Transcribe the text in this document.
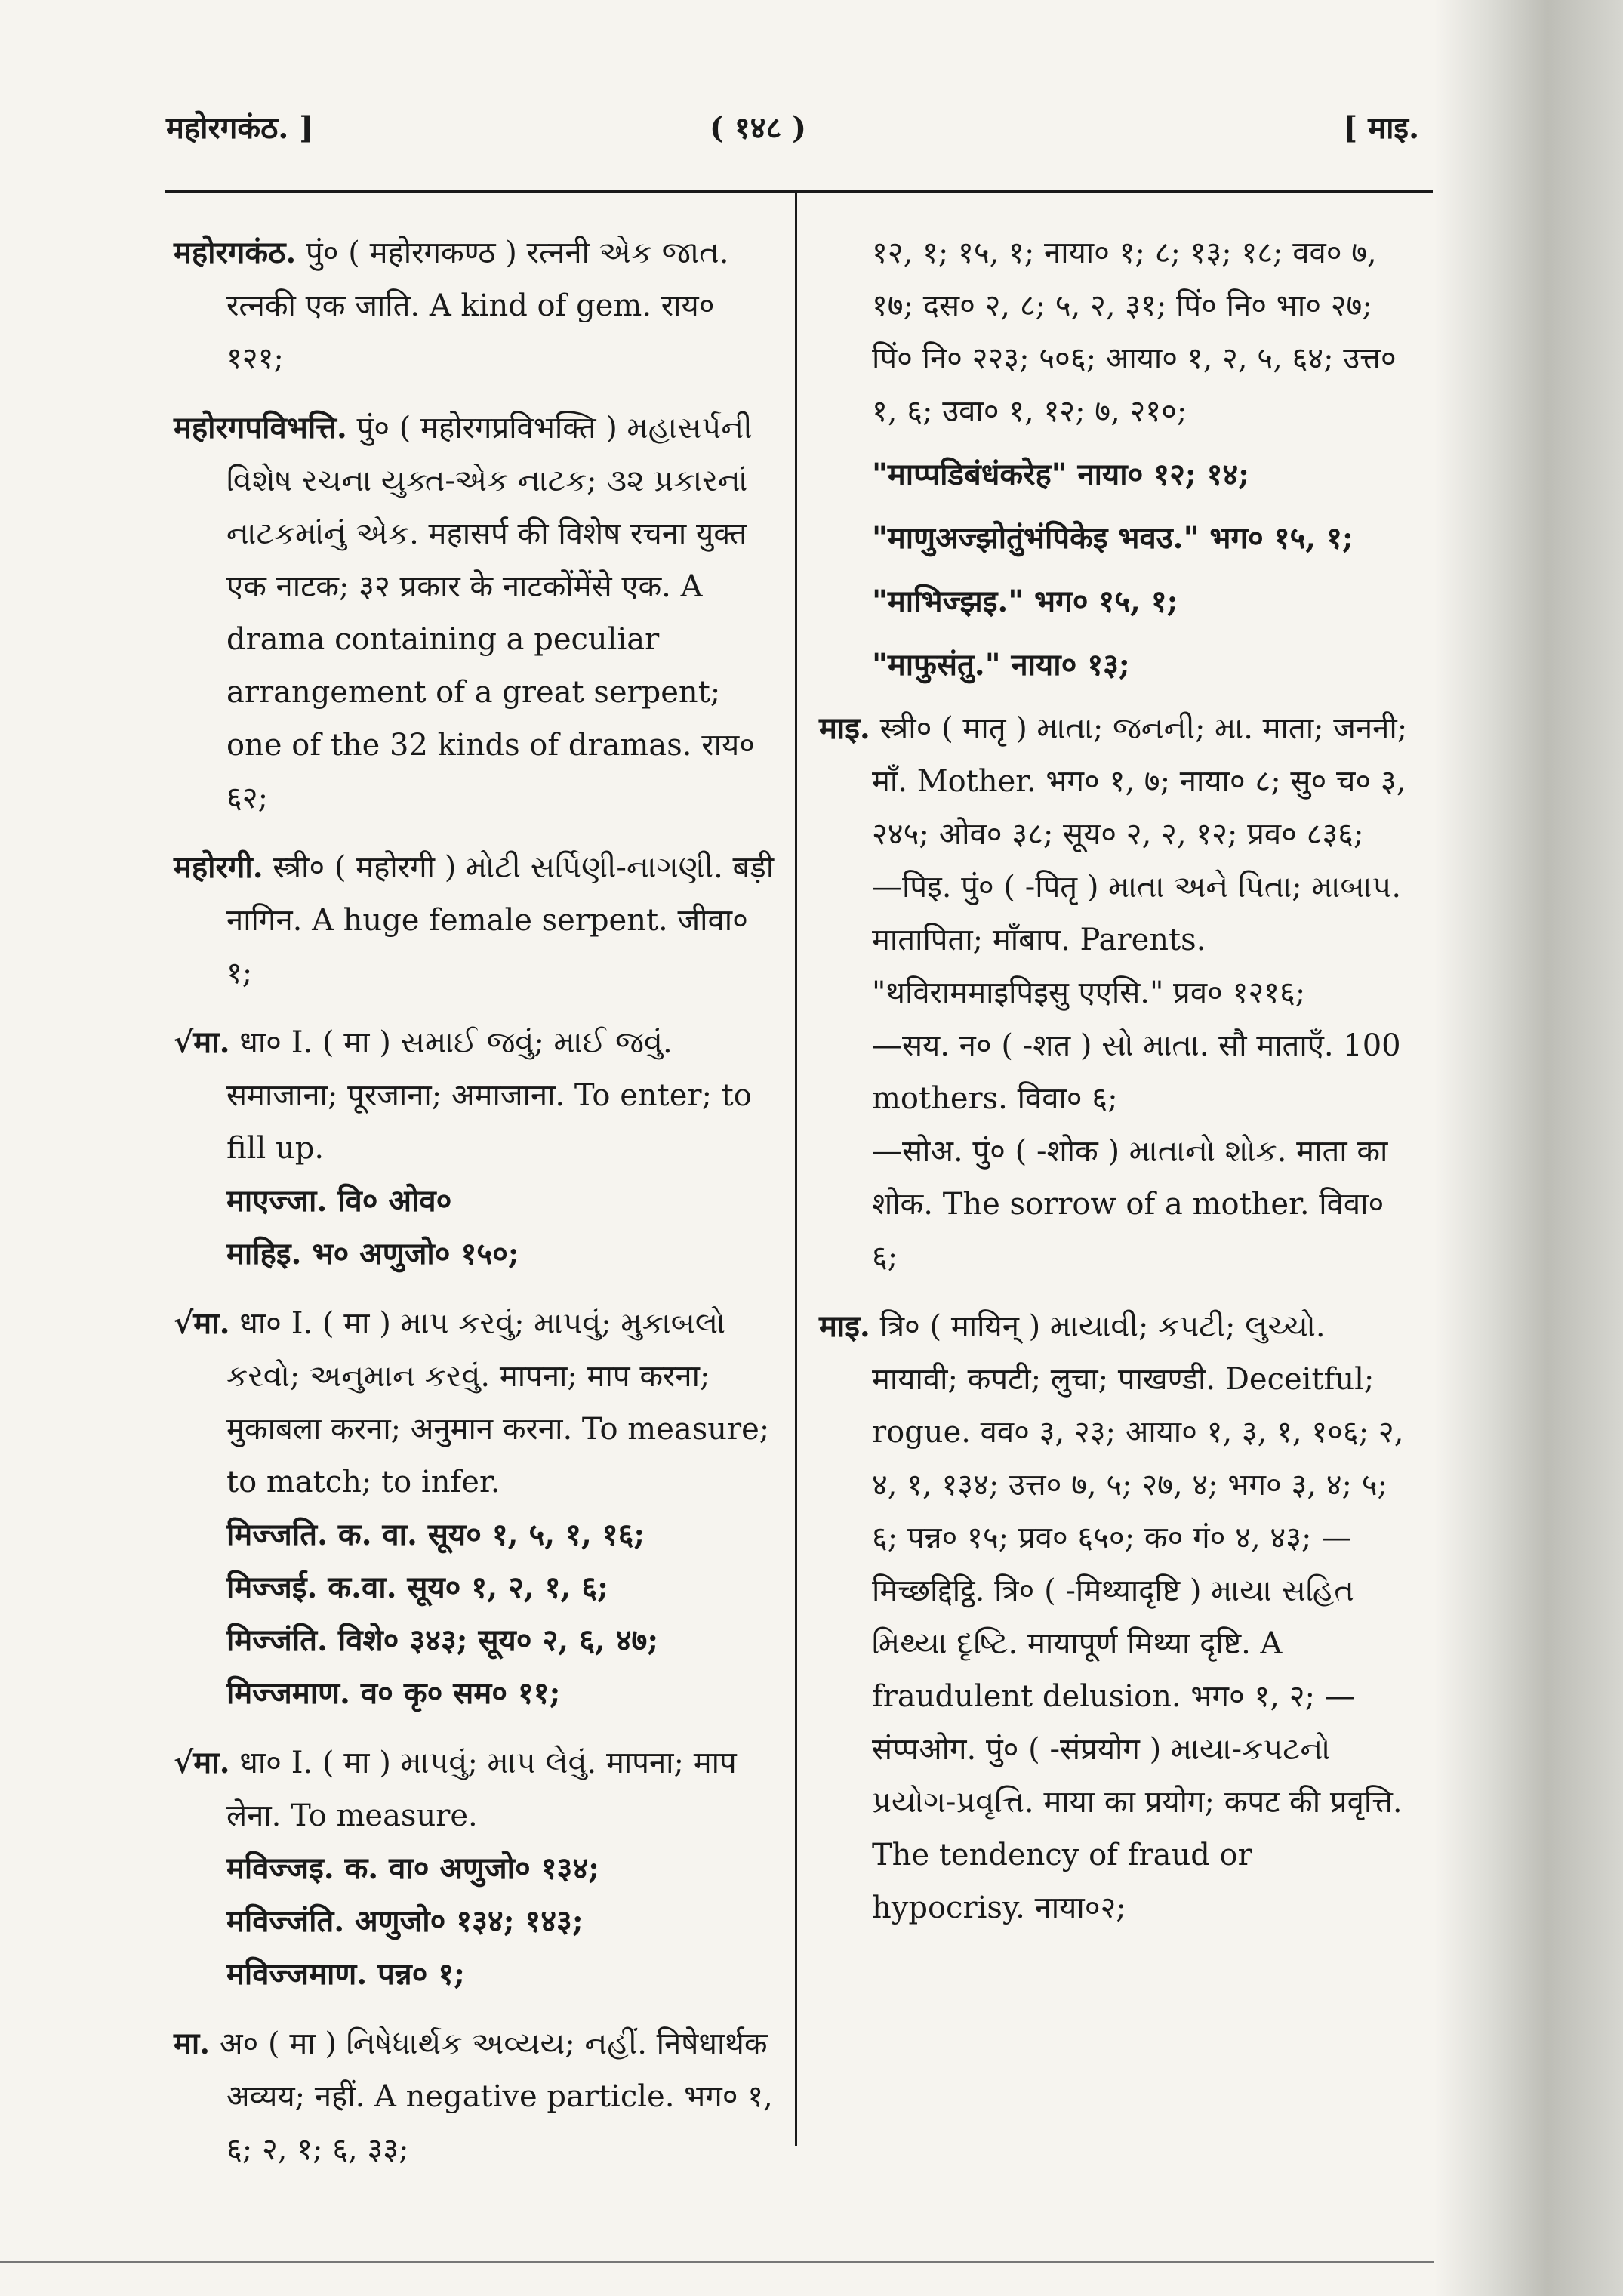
महोरगकंठ. ]	( १४८ )	[ माइ.

महोरगकंठ. पुं० ( महोरगकण्ठ ) रत्ननी એક જાત. रत्नकी एक जाति. A kind of gem. राय० १२१;

महोरगपविभत्ति. पुं० ( महोरगप्रविभक्ति ) મહાસર્પની વિશેષ રચના યુક્ત-એક નાટક; ૩૨ પ્રકારનાં નાટકમાંનું એક. महासर्प की विशेष रचना युक्त एक नाटक; ३२ प्रकार के नाटकोंमेंसे एक. A drama containing a peculiar arrangement of a great serpent; one of the 32 kinds of dramas. राय० ६२;

महोरगी. स्त्री० ( महोरगी ) મોટી સર્પિણી-નાગણી. बड़ी नागिन. A huge female serpent. जीवा० १;

√मा. धा० I. ( मा ) સમાઈ જવું; માઈ જવું. समाजाना; पूरजाना; अमाजाना. To enter; to fill up.

माएज्जा. वि० ओव०

माहिइ. भ० अणुजो० १५०;

√मा. धा० I. ( मा ) માપ કરવું; માપવું; મુકાબલો કરવો; અનુમાન કરવું. मापना; माप करना; मुकाबला करना; अनुमान करना. To measure; to match; to infer.

मिज्जति. क. वा. सूय० १, ५, १, १६;

मिज्जई. क.वा. सूय० १, २, १, ६;

मिज्जंति. विशे० ३४३; सूय० २, ६, ४७;

मिज्जमाण. व० कृ० सम० ११;

√मा. धा० I. ( मा ) માપવું; માપ લેવું. मापना; माप लेना. To measure.

मविज्जइ. क. वा० अणुजो० १३४;

मविज्जंति. अणुजो० १३४; १४३;

मविज्जमाण. पन्न० १;

मा. अ० ( मा ) નિષેધાર્થક અવ્યય; નહીં. निषेधार्थक अव्यय; नहीं. A negative particle. भग० १, ६; २, १; ६, ३३;

१२, १; १५, १; नाया० १; ८; १३; १८; वव० ७, १७; दस० २, ८; ५, २, ३१; पिं० नि० भा० २७; पिं० नि० २२३; ५०६; आया० १, २, ५, ६४; उत्त० १, ६; उवा० १, १२; ७, २१०;

"माप्पडिबंधंकरेह" नाया० १२; १४;

"माणुअज्झोतुंभंपिकेइ भवउ." भग० १५, १;

"माभिज्झइ." भग० १५, १;

"माफुसंतु." नाया० १३;

माइ. स्त्री० ( मातृ ) માતા; જનની; મા. माता; जननी; माँ. Mother. भग० १, ७; नाया० ८; सु० च० ३, २४५; ओव० ३८; सूय० २, २, १२; प्रव० ८३६;

—पिइ. पुं० ( -पितृ ) માતા અને પિતા; માબાપ. मातापिता; माँबाप. Parents. "थविराममाइपिइसु एएसि." प्रव० १२१६;

—सय. न० ( -शत ) સો માતા. सौ माताएँ. 100 mothers. विवा० ६;

—सोअ. पुं० ( -शोक ) માતાનો શોક. माता का शोक. The sorrow of a mother. विवा० ६;

माइ. त्रि० ( मायिन् ) માયાવી; કપટી; લુચ્ચો. मायावी; कपटी; लुचा; पाखण्डी. Deceitful; rogue. वव० ३, २३; आया० १, ३, १, १०६; २, ४, १, १३४; उत्त० ७, ५; २७, ४; भग० ३, ४; ५; ६; पन्न० १५; प्रव० ६५०; क० गं० ४, ४३; —मिच्छद्दिट्ठि. त्रि० ( -मिथ्यादृष्टि ) માયા સહિત મિથ્યા દૃષ્ટિ. मायापूर्ण मिथ्या दृष्टि. A fraudulent delusion. भग० १, २; —संप्पओग. पुं० ( -संप्रयोग ) માયા-કપટનો પ્રયોગ-પ્રવૃત્તિ. माया का प्रयोग; कपट की प्रवृत्ति. The tendency of fraud or hypocrisy. नाया०२;
